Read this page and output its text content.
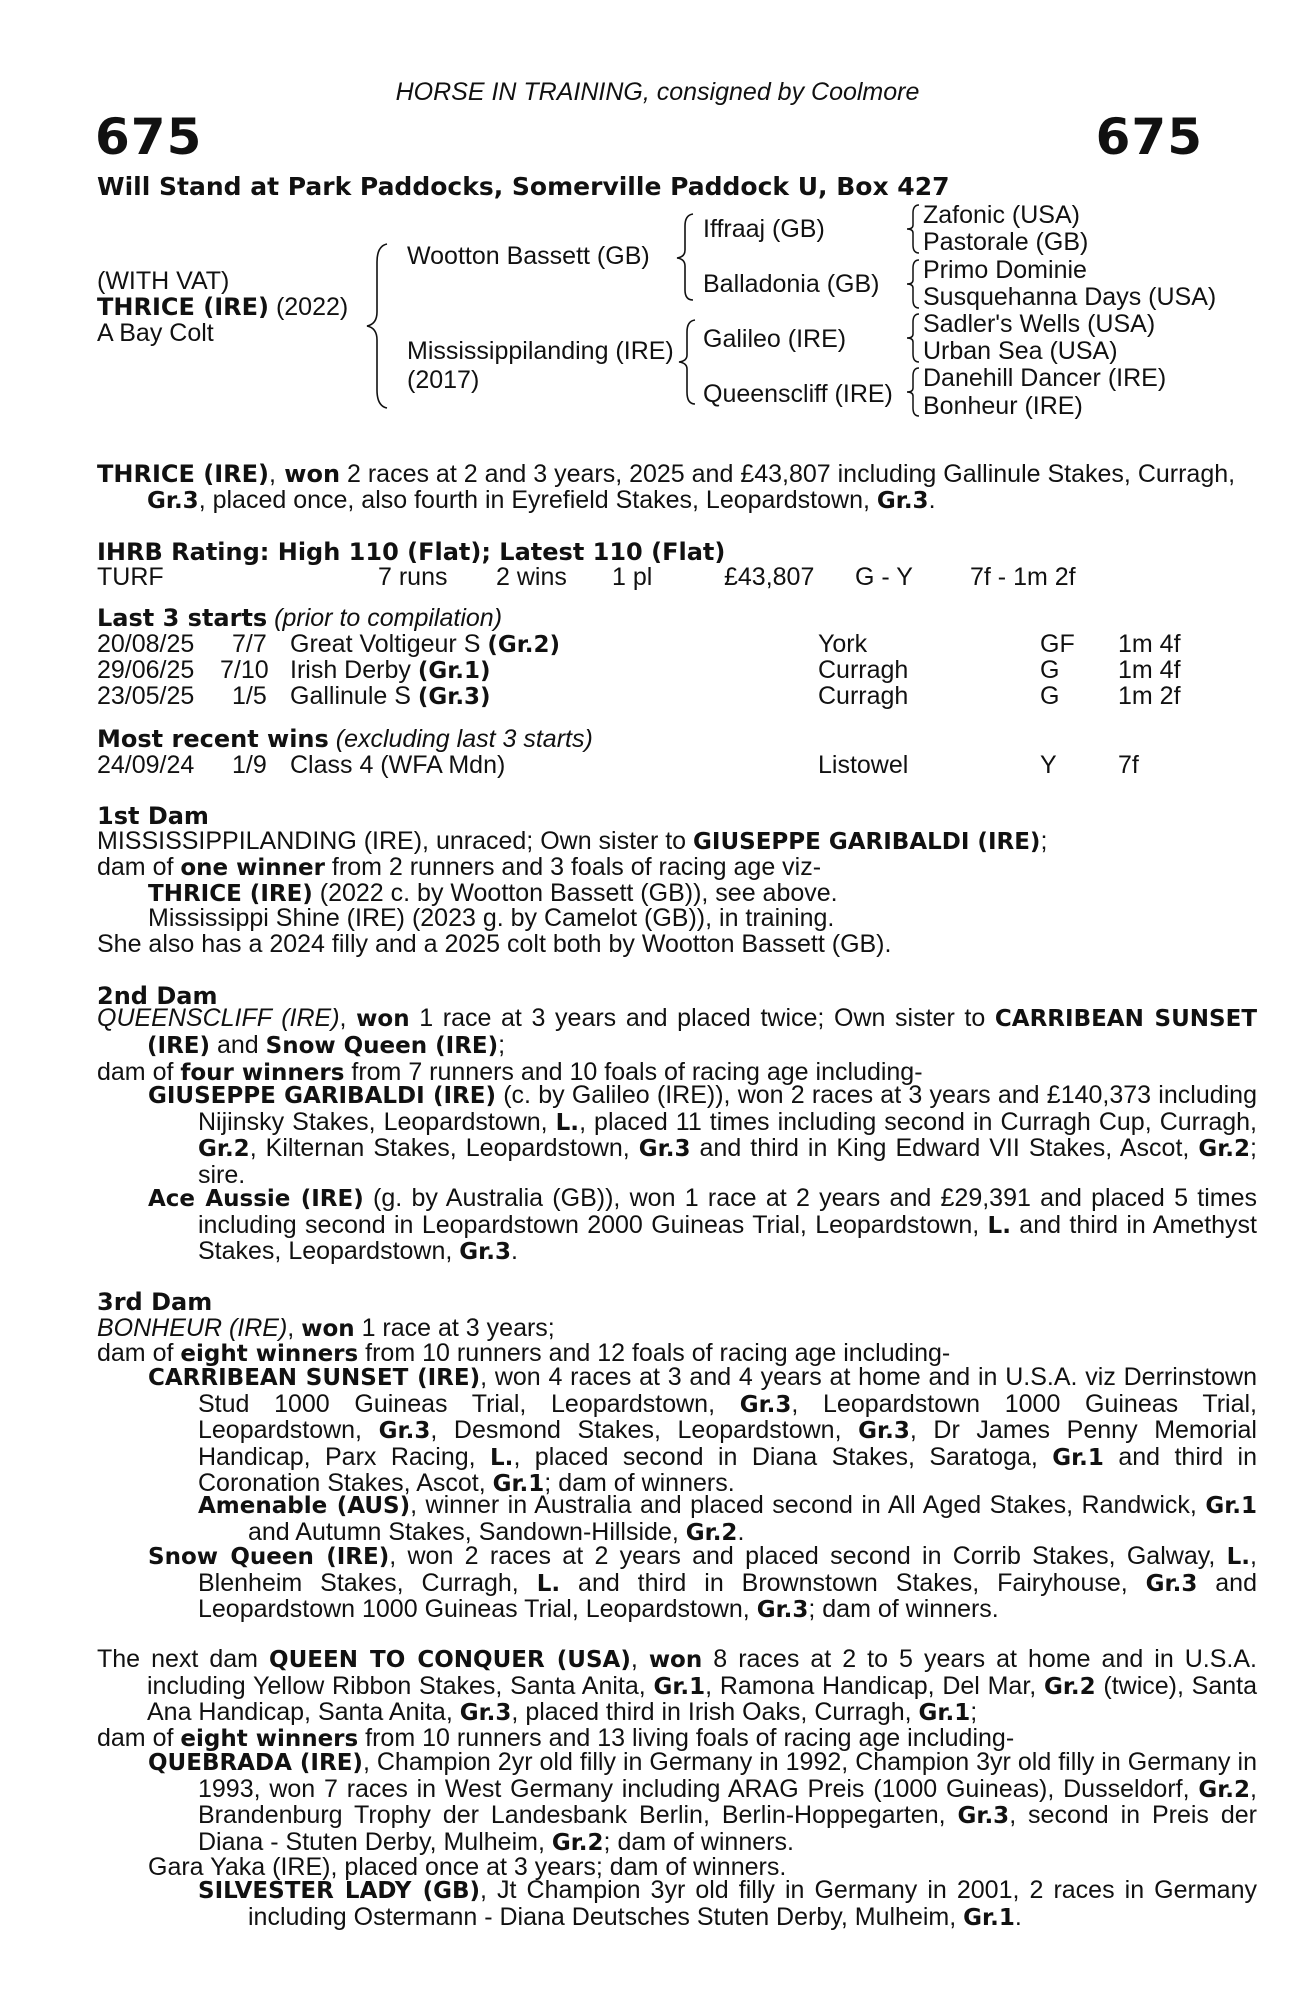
HORSE IN TRAINING, consigned by Coolmore
675	675
Will Stand at Park Paddocks, Somerville Paddock U, Box 427
(WITH VAT)
THRICE (IRE) (2022)
A Bay Colt
Wootton Bassett (GB)
Mississippilanding (IRE)
(2017)
Iffraaj (GB)
Balladonia (GB)
Galileo (IRE)
Queenscliff (IRE)
Zafonic (USA)
Pastorale (GB)
Primo Dominie
Susquehanna Days (USA)
Sadler's Wells (USA)
Urban Sea (USA)
Danehill Dancer (IRE)
Bonheur (IRE)
THRICE (IRE), won 2 races at 2 and 3 years, 2025 and £43,807 including Gallinule Stakes, Curragh, Gr.3, placed once, also fourth in Eyrefield Stakes, Leopardstown, Gr.3.
IHRB Rating: High 110 (Flat); Latest 110 (Flat)
TURF	7 runs 2 wins 1 pl	£43,807 G - Y 7f - 1m 2f
Last 3 starts (prior to compilation)
20/08/25 7/7 Great Voltigeur S (Gr.2)	York	GF 1m 4f
29/06/25 7/10 Irish Derby (Gr.1)	Curragh	G 1m 4f
23/05/25 1/5 Gallinule S (Gr.3)	Curragh	G 1m 2f
Most recent wins (excluding last 3 starts)
24/09/24 1/9 Class 4 (WFA Mdn)	Listowel	Y 7f
1st Dam
MISSISSIPPILANDING (IRE), unraced; Own sister to GIUSEPPE GARIBALDI (IRE);
dam of one winner from 2 runners and 3 foals of racing age viz-
THRICE (IRE) (2022 c. by Wootton Bassett (GB)), see above.
Mississippi Shine (IRE) (2023 g. by Camelot (GB)), in training.
She also has a 2024 filly and a 2025 colt both by Wootton Bassett (GB).
2nd Dam
QUEENSCLIFF (IRE), won 1 race at 3 years and placed twice; Own sister to CARRIBEAN SUNSET (IRE) and Snow Queen (IRE);
dam of four winners from 7 runners and 10 foals of racing age including-
GIUSEPPE GARIBALDI (IRE) (c. by Galileo (IRE)), won 2 races at 3 years and £140,373 including Nijinsky Stakes, Leopardstown, L., placed 11 times including second in Curragh Cup, Curragh, Gr.2, Kilternan Stakes, Leopardstown, Gr.3 and third in King Edward VII Stakes, Ascot, Gr.2; sire.
Ace Aussie (IRE) (g. by Australia (GB)), won 1 race at 2 years and £29,391 and placed 5 times including second in Leopardstown 2000 Guineas Trial, Leopardstown, L. and third in Amethyst Stakes, Leopardstown, Gr.3.
3rd Dam
BONHEUR (IRE), won 1 race at 3 years;
dam of eight winners from 10 runners and 12 foals of racing age including-
CARRIBEAN SUNSET (IRE), won 4 races at 3 and 4 years at home and in U.S.A. viz Derrinstown Stud 1000 Guineas Trial, Leopardstown, Gr.3, Leopardstown 1000 Guineas Trial, Leopardstown, Gr.3, Desmond Stakes, Leopardstown, Gr.3, Dr James Penny Memorial Handicap, Parx Racing, L., placed second in Diana Stakes, Saratoga, Gr.1 and third in Coronation Stakes, Ascot, Gr.1; dam of winners.
Amenable (AUS), winner in Australia and placed second in All Aged Stakes, Randwick, Gr.1 and Autumn Stakes, Sandown-Hillside, Gr.2.
Snow Queen (IRE), won 2 races at 2 years and placed second in Corrib Stakes, Galway, L., Blenheim Stakes, Curragh, L. and third in Brownstown Stakes, Fairyhouse, Gr.3 and Leopardstown 1000 Guineas Trial, Leopardstown, Gr.3; dam of winners.
The next dam QUEEN TO CONQUER (USA), won 8 races at 2 to 5 years at home and in U.S.A. including Yellow Ribbon Stakes, Santa Anita, Gr.1, Ramona Handicap, Del Mar, Gr.2 (twice), Santa Ana Handicap, Santa Anita, Gr.3, placed third in Irish Oaks, Curragh, Gr.1;
dam of eight winners from 10 runners and 13 living foals of racing age including-
QUEBRADA (IRE), Champion 2yr old filly in Germany in 1992, Champion 3yr old filly in Germany in 1993, won 7 races in West Germany including ARAG Preis (1000 Guineas), Dusseldorf, Gr.2, Brandenburg Trophy der Landesbank Berlin, Berlin-Hoppegarten, Gr.3, second in Preis der Diana - Stuten Derby, Mulheim, Gr.2; dam of winners.
Gara Yaka (IRE), placed once at 3 years; dam of winners.
SILVESTER LADY (GB), Jt Champion 3yr old filly in Germany in 2001, 2 races in Germany including Ostermann - Diana Deutsches Stuten Derby, Mulheim, Gr.1.
